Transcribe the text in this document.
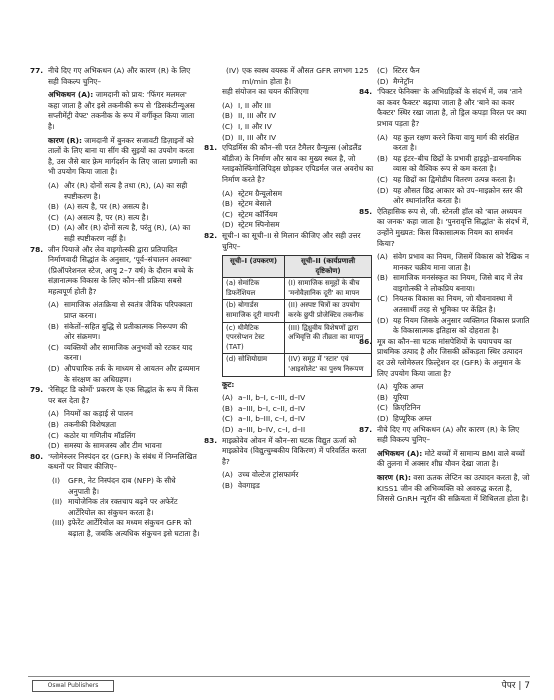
77. नीचे दिए गए अभिकथन (A) और कारण (R) के लिए सही विकल्प चुनिए–
अभिकथन (A): जामदानी को प्राय: 'फिंगर मलमल' कहा जाता है और इसे तकनीकी रूप से 'डिसकंटीन्यूअस सप्लीमेंट्री वेफ्ट' तकनीक के रूप में वर्गीकृत किया जाता है।
कारण (R): जामदानी में बुनकर सजावटी डिज़ाइनों को तालों के लिए बाना या सींग की सुइयों का उपयोग करता है, उस जैसे बार फ़्रेम मार्गदर्शन के लिए जाला प्रणाली का भी उपयोग किया जाता है।
(A) और (R) दोनों सत्य है तथा (R), (A) का सही स्पष्टीकरण है।
(B) (A) सत्य है, पर (R) असत्य है।
(C) (A) असत्य है, पर (R) सत्य है।
(D) (A) और (R) दोनों सत्य है, परंतु (R), (A) का सही स्पष्टीकरण नहीं है।
78. जीन पियाजे और लेव वाइगोत्स्की द्वारा प्रतिपादित निर्माणवादी सिद्धांत के अनुसार, 'पूर्व–संचालन अवस्था' (प्रिऑपरेशनल स्टेज, आयु 2–7 वर्ष) के दौरान बच्चे के संज्ञानात्मक विकास के लिए कौन–सी प्रक्रिया सबसे महत्वपूर्ण होती है?
(A) सामाजिक अंतःक्रिया से स्वतंत्र जैविक परिपक्वता प्राप्त करना।
(B) संकेतों–सहित बुद्धि से प्रतीकात्मक निरूपण की ओर संक्रमण।
(C) व्यक्तियों और सामाजिक अनुभवों को रटकर याद करना।
(D) औपचारिक तर्क के माध्यम से आयतन और द्रव्यमान के संरक्षण का अधिग्रहण।
79. 'रेसिड्ट डि कोर्मो' प्रकरण के एक सिद्धांत के रूप में किस पर बल देता है?
(A) नियमों का कड़ाई से पालन
(B) तकनीकी विशेषज्ञता
(C) कठोर या गणितीय मॉडलिंग
(D) समस्या के सामजस्य और टीम भावना
80. 'ग्लोमेरुलर निस्पंदन दर (GFR) के संबंध में निम्नलिखित कथनों पर विचार कीजिए–
(I)	GFR, नेट निस्पंदन दाब (NFP) के सीधे अनुपाती है।
(II) मायोजेनिक तंत्र रक्तचाप बढ़ने पर अफेरेंट आर्टेरियोल का संकुचन करता है।
(III) इफेरेंट आर्टेरियोल का मध्यम संकुचन GFR को बढ़ाता है, जबकि अत्यधिक संकुचन इसे घटाता है।
(IV) एक स्वस्थ वयस्क में औसत GFR लगभग 125 ml/min होता है।
सही संयोजन का चयन कीजिएगा
(A) I, II और III
(B) II, III और IV
(C) I, II और IV
(D) II, III और IV
81. एपिडर्मिस की कौन–सी परत टैमैलर ग्रैन्यूल्स (ओडलैंड बॉडीज) के निर्माण और स्राव का मुख्य स्थल है, जो ग्लाइकोस्फिंगोलिपिड्स छोड़कर एपिडर्मल जल अवरोध का निर्माण करते है?
(A) स्ट्रेटम ग्रैन्यूलोसम
(B) स्ट्रेटम बेसाले
(C) स्ट्रेटम कॉर्नियम
(D) स्ट्रेटम स्पिनोसम
82. सूची–I का सूची–II से मिलान कीजिए और सही उत्तर चुनिए–
सूची–I (उपकरण)	सूची–II (कार्यप्रणाली दृष्टिकोण)
(a) सेमांटिक डिफरेंशियल	(I) सामाजिक समूहों के बीच 'मनोवैज्ञानिक दूरी' का मापन
(b) बोगार्डस सामाजिक दूरी मापनी	(II) अस्पष्ट चित्रों का उपयोग करके छुपी प्रोजेक्टिव तकनीक
(c) थीमैटिक एपरसेप्शन टेस्ट (TAT)	(III) द्विध्रुवीय विशेषणों द्वारा अभिवृत्ति की तीव्रता का मापन
(d) सोशियोग्राम	(IV) समूह में 'स्टार' एवं 'आइसोलेट' का पुरुष निरूपण
कूट:
(A) a–II, b–I, c–III, d–IV
(B) a–III, b–I, c–II, d–IV
(C) a–II, b–III, c–I, d–IV
(D) a–III, b–IV, c–I, d–II
83. माइक्रोवेव ओवन में कौन–सा घटक विद्युत ऊर्जा को माइक्रोवेव (विद्युत्चुम्बकीय विकिरण) में परिवर्तित करता है?
(A) उच्च वोल्टेज ट्रांसफार्मर
(B) वेवगाइड
(C) स्टिरर फैन
(D) मैग्नेट्रॉन
84. 'पिक्टर फेनिक्स' के अभिग्रहिकों के संदर्भ में, जब 'ताने का कवर फैक्टर' बढ़ाया जाता है और 'बाने का कवर फैक्टर' स्थिर रखा जाता है, तो ड्रिल कपड़ा विरल पर क्या प्रभाव पड़ता है?
(A) यह कुल रक्षण करने किया वायु मार्ग की संरक्षित करता है।
(B) यह इंटर–बीच छिद्रों के प्रभावी हाइड्रो–डायनामिक व्यास को वैश्विक रूप से कम करता है।
(C) यह छिद्रों का द्विमोडीय वितरण उत्पन्न करता है।
(D) यह औसत छिद्र आकार को उप–माइक्रोन स्तर की ओर स्थानांतरित करता है।
85. ऐतिहासिक रूप से, जी. स्टेनली हॉल को 'बाल अध्ययन का जनक' कहा जाता है। 'पुनरावृत्ति सिद्धांत' के संदर्भ में, उन्होंने मुख्यत: किस विकासात्मक नियम का समर्थन किया?
(A) संवेग प्रभाव का नियम, जिसमें विकास को रैखिक न मानकर चक्रीय माना जाता है।
(B) सामाजिक मनसंस्कृत का नियम, जिसे बाद में लेव वाइगोत्स्की ने लोकप्रिय बनाया।
(C) नियतक विकास का नियम, जो यौवनावस्था में अतसार्थी तरह से भूमिका पर केंद्रित है।
(D) यह नियम जिसके अनुसार व्यक्तिगत विकास प्रजाति के विकासात्मक इतिहास को दोहराता है।
86. मूत्र का कौन–सा घटक मांसपेशियों के चयापचय का प्राथमिक उत्पाद है और जिसकी क्रोंकड़ता स्थिर उत्पादन दर उसे ग्लोमेरुलर फ़िल्ट्रेशन दर (GFR) के अनुमान के लिए उपयोग किया जाता है?
(A) यूरिक अम्ल
(B) यूरिया
(C) क्रिएटिनिन
(D) हिप्यूरिक अम्ल
87. नीचे दिए गए अभिकथन (A) और कारण (R) के लिए सही विकल्प चुनिए–
अभिकथन (A): मोटे बच्चों में सामान्य BMI वाले बच्चों की तुलना में अक्सर शीघ्र यौवन देखा जाता है।
कारण (R): वसा ऊतक लेप्टिन का उत्पादन करता है, जो KISS1 जीन की अभिव्यक्ति को अवरुद्ध करता है, जिससे GnRH न्यूरॉन की सक्रियता में शिथिलता होता है।
Oswal Publishers	पेपर | 7
